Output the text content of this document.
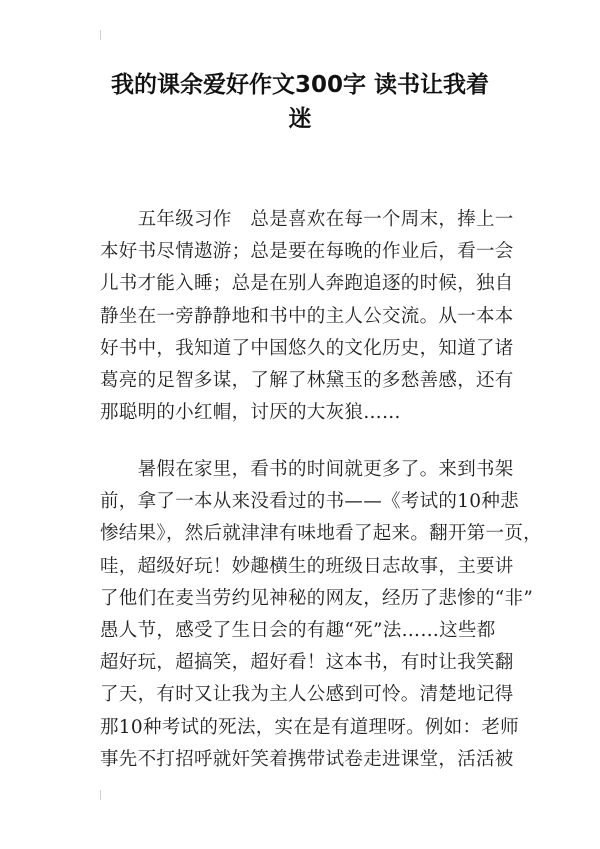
我的课余爱好作文300字 读书让我着
迷
　　五年级习作　总是喜欢在每一个周末，捧上一
本好书尽情遨游；总是要在每晚的作业后，看一会
儿书才能入睡；总是在别人奔跑追逐的时候，独自
静坐在一旁静静地和书中的主人公交流。从一本本
好书中，我知道了中国悠久的文化历史，知道了诸
葛亮的足智多谋，了解了林黛玉的多愁善感，还有
那聪明的小红帽，讨厌的大灰狼……
　　暑假在家里，看书的时间就更多了。来到书架
前，拿了一本从来没看过的书——《考试的10种悲
惨结果》，然后就津津有味地看了起来。翻开第一页，
哇，超级好玩！妙趣横生的班级日志故事，主要讲
了他们在麦当劳约见神秘的网友，经历了悲惨的“非”
愚人节，感受了生日会的有趣“死”法……这些都
超好玩，超搞笑，超好看！这本书，有时让我笑翻
了天，有时又让我为主人公感到可怜。清楚地记得
那10种考试的死法，实在是有道理呀。例如：老师
事先不打招呼就奸笑着携带试卷走进课堂，活活被
